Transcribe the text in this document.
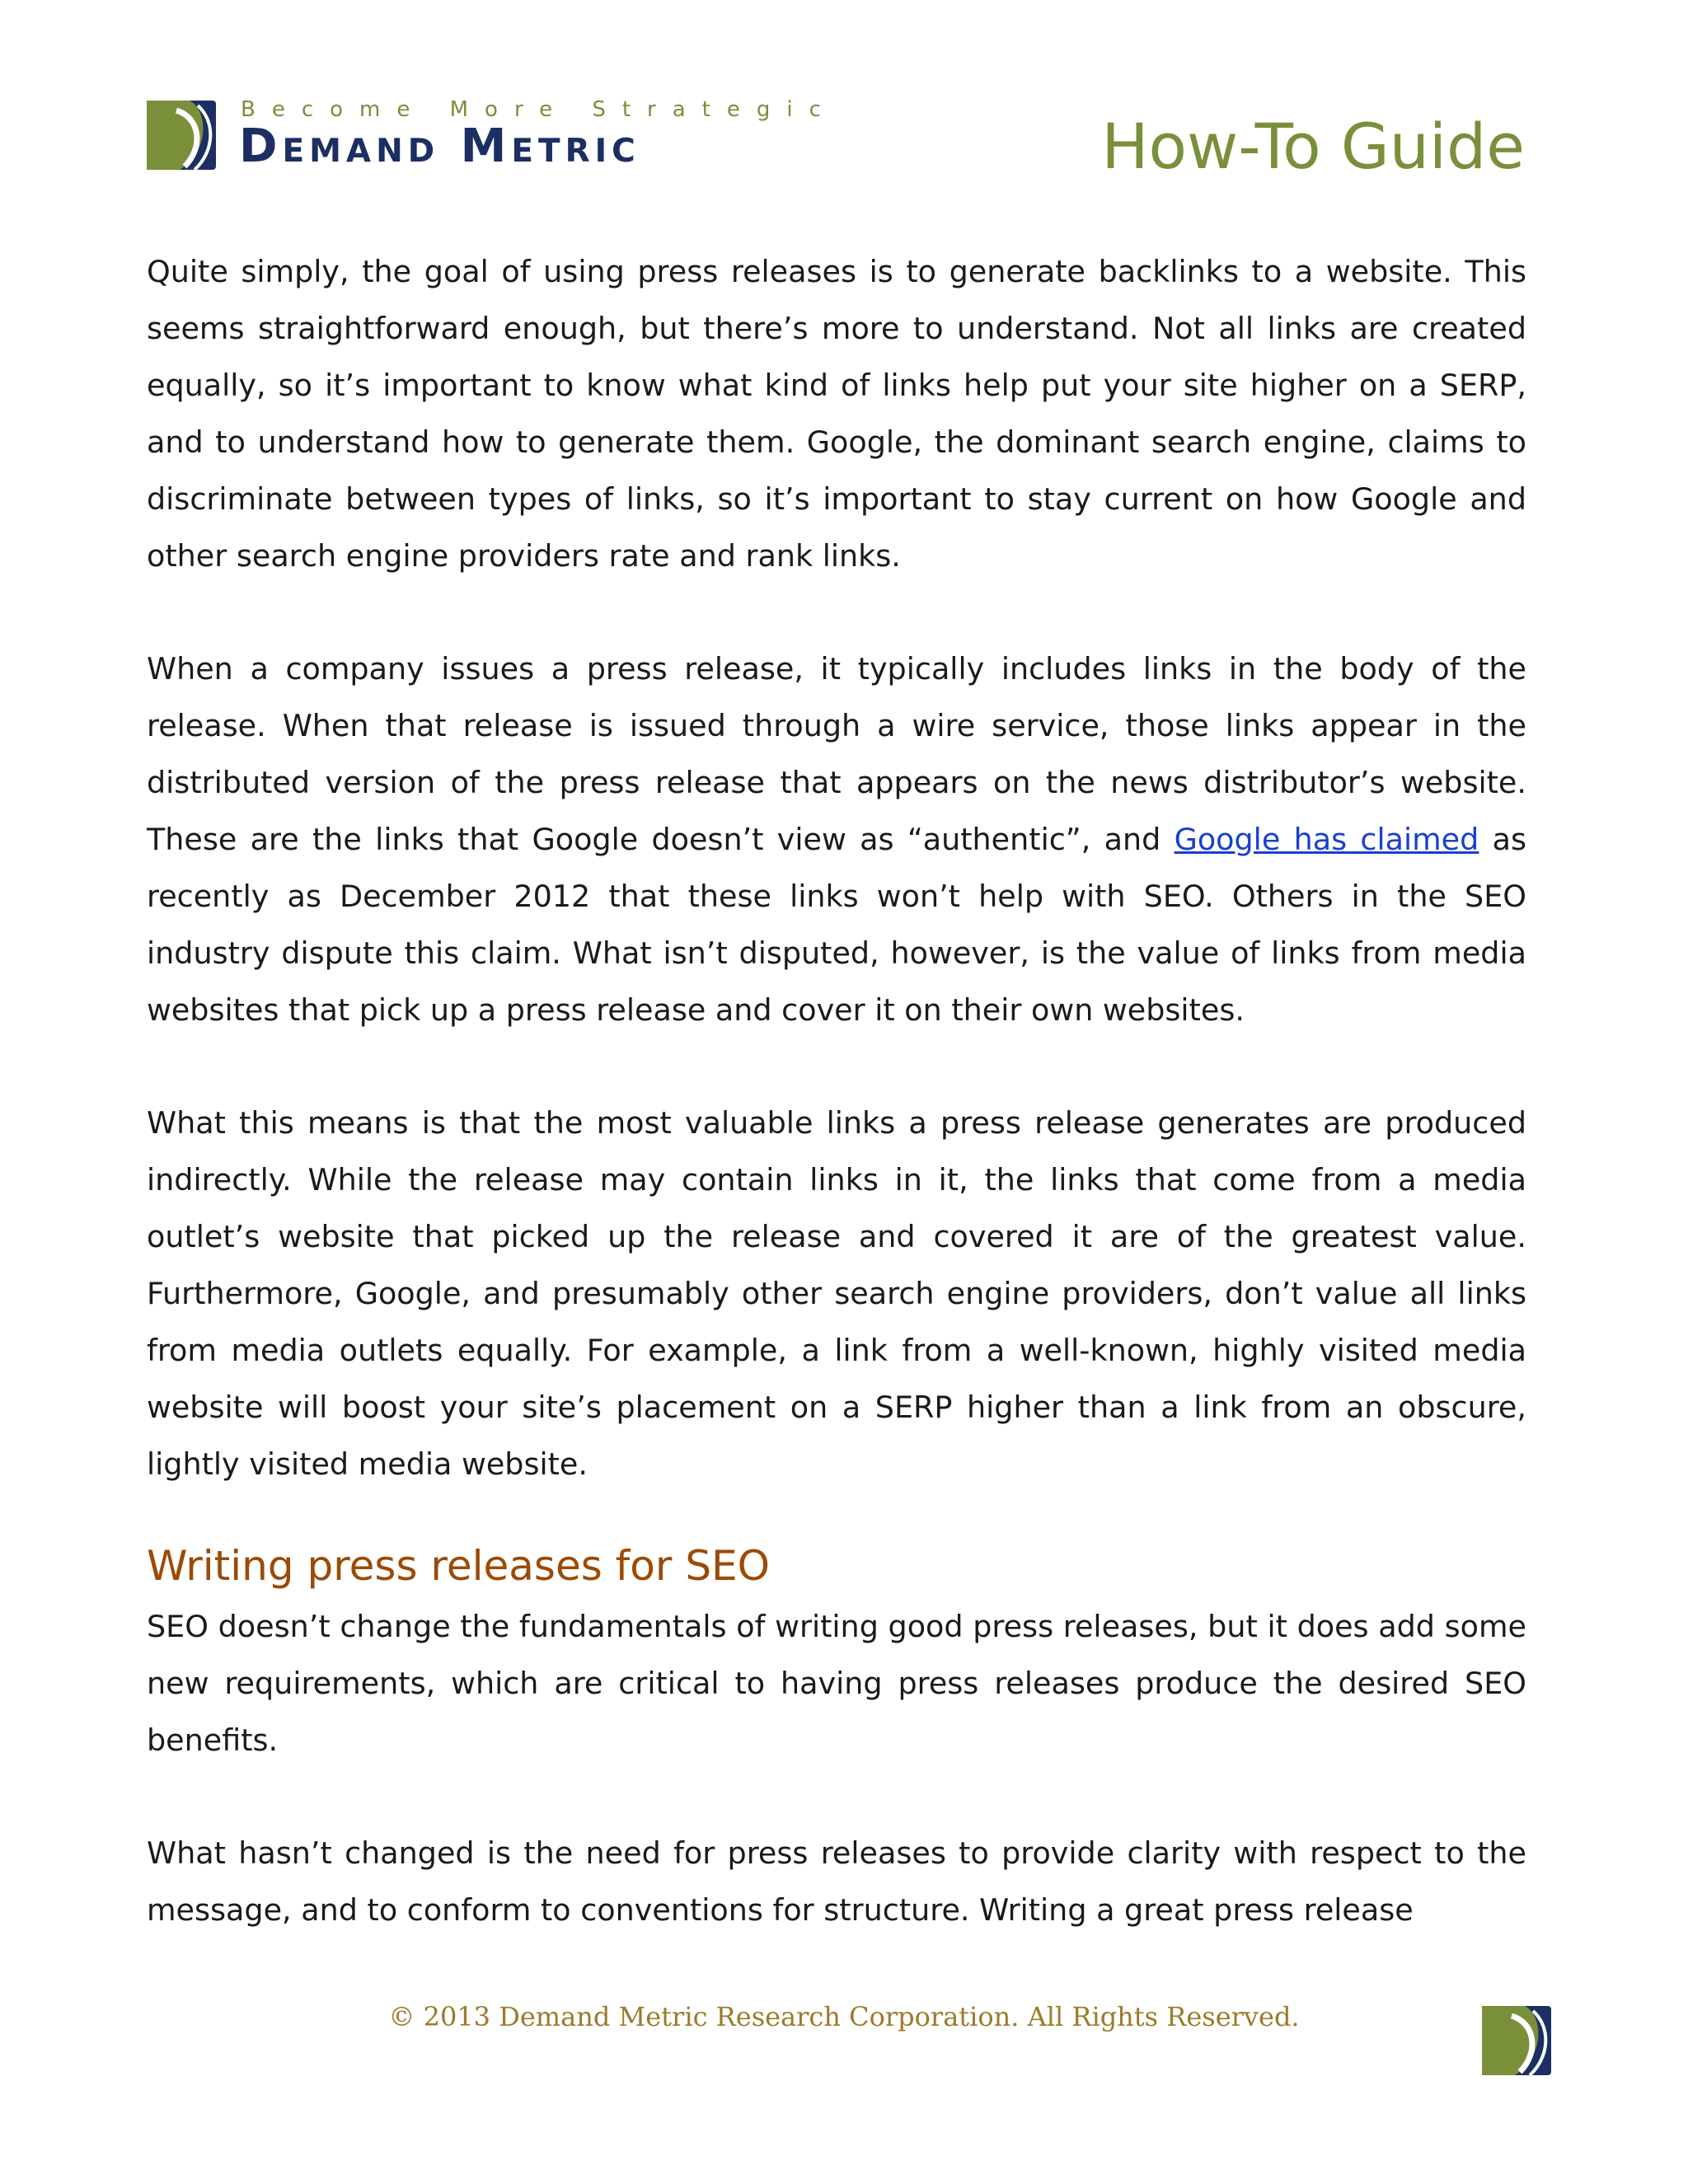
Become More Strategic
Demand Metric	How-To Guide

Quite simply, the goal of using press releases is to generate backlinks to a website. This seems straightforward enough, but there’s more to understand. Not all links are created equally, so it’s important to know what kind of links help put your site higher on a SERP, and to understand how to generate them. Google, the dominant search engine, claims to discriminate between types of links, so it’s important to stay current on how Google and other search engine providers rate and rank links.

When a company issues a press release, it typically includes links in the body of the release. When that release is issued through a wire service, those links appear in the distributed version of the press release that appears on the news distributor’s website. These are the links that Google doesn’t view as “authentic”, and Google has claimed as recently as December 2012 that these links won’t help with SEO. Others in the SEO industry dispute this claim. What isn’t disputed, however, is the value of links from media websites that pick up a press release and cover it on their own websites.

What this means is that the most valuable links a press release generates are produced indirectly. While the release may contain links in it, the links that come from a media outlet’s website that picked up the release and covered it are of the greatest value. Furthermore, Google, and presumably other search engine providers, don’t value all links from media outlets equally. For example, a link from a well-known, highly visited media website will boost your site’s placement on a SERP higher than a link from an obscure, lightly visited media website.

Writing press releases for SEO

SEO doesn’t change the fundamentals of writing good press releases, but it does add some new requirements, which are critical to having press releases produce the desired SEO benefits.

What hasn’t changed is the need for press releases to provide clarity with respect to the message, and to conform to conventions for structure. Writing a great press release

© 2013 Demand Metric Research Corporation. All Rights Reserved.
